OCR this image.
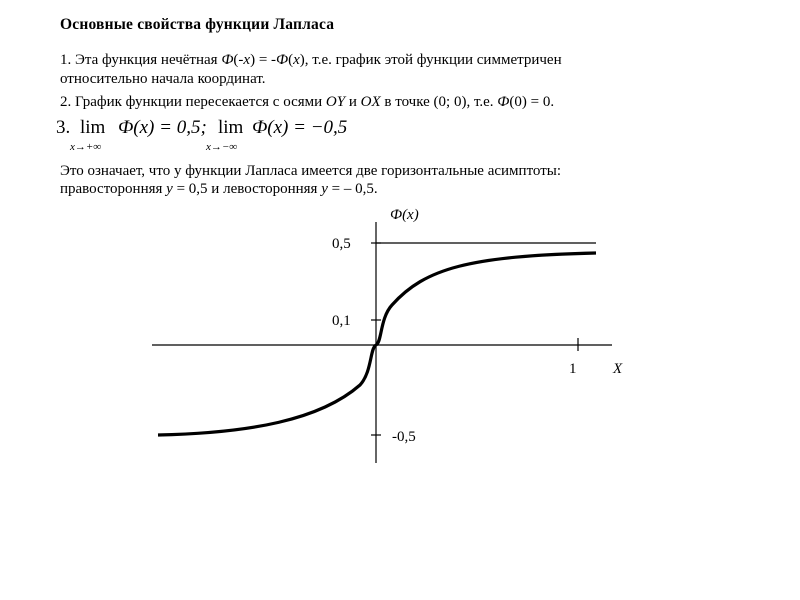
Основные свойства функции Лапласа
1. Эта функция нечётная Ф(-x) = -Ф(x), т.е. график этой функции симметричен
относительно начала координат.
2. График функции пересекается с осями OY и OX в точке (0; 0), т.е. Ф(0) = 0.
3. lim
x→+∞
Ф(x) = 0,5; lim
x→−∞
Ф(x) = −0,5
Это означает, что у функции Лапласа имеется две горизонтальные асимптоты:
правосторонняя y = 0,5 и левосторонняя y = – 0,5.
Ф(x)
0,5
0,1
-0,5
1 X
